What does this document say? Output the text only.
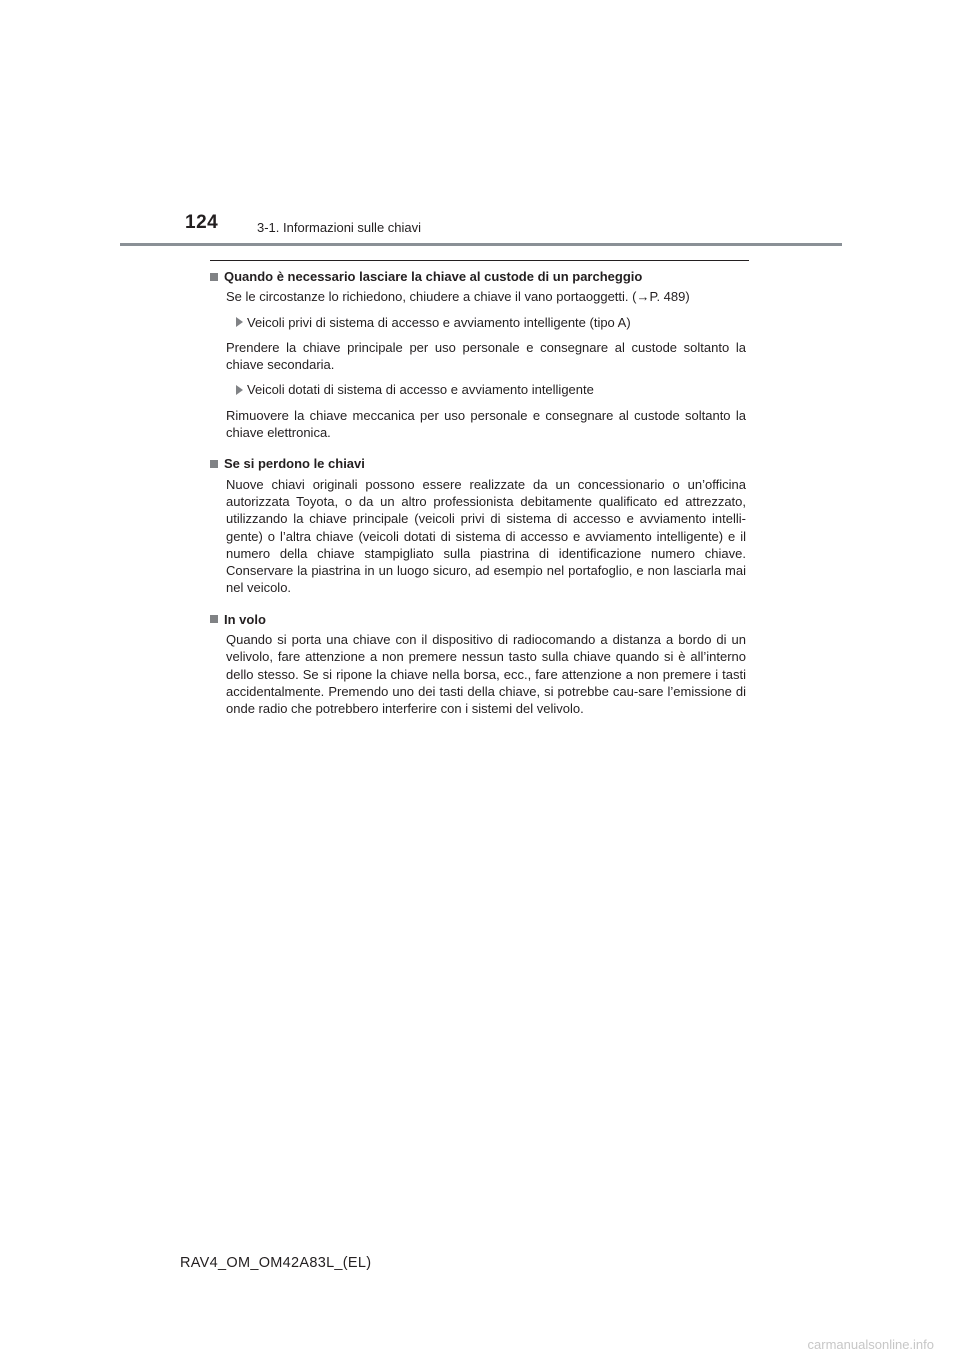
124	3-1. Informazioni sulle chiavi
Quando è necessario lasciare la chiave al custode di un parcheggio

Se le circostanze lo richiedono, chiudere a chiave il vano portaoggetti. (→P. 489)

Veicoli privi di sistema di accesso e avviamento intelligente (tipo A)

Prendere la chiave principale per uso personale e consegnare al custode soltanto la chiave secondaria.

Veicoli dotati di sistema di accesso e avviamento intelligente

Rimuovere la chiave meccanica per uso personale e consegnare al custode soltanto la chiave elettronica.

Se si perdono le chiavi

Nuove chiavi originali possono essere realizzate da un concessionario o un’officina autorizzata Toyota, o da un altro professionista debitamente qualificato ed attrezzato, utilizzando la chiave principale (veicoli privi di sistema di accesso e avviamento intelli-gente) o l’altra chiave (veicoli dotati di sistema di accesso e avviamento intelligente) e il numero della chiave stampigliato sulla piastrina di identificazione numero chiave. Conservare la piastrina in un luogo sicuro, ad esempio nel portafoglio, e non lasciarla mai nel veicolo.

In volo

Quando si porta una chiave con il dispositivo di radiocomando a distanza a bordo di un velivolo, fare attenzione a non premere nessun tasto sulla chiave quando si è all’interno dello stesso. Se si ripone la chiave nella borsa, ecc., fare attenzione a non premere i tasti accidentalmente. Premendo uno dei tasti della chiave, si potrebbe cau-sare l’emissione di onde radio che potrebbero interferire con i sistemi del velivolo.

RAV4_OM_OM42A83L_(EL)
carmanualsonline.info
